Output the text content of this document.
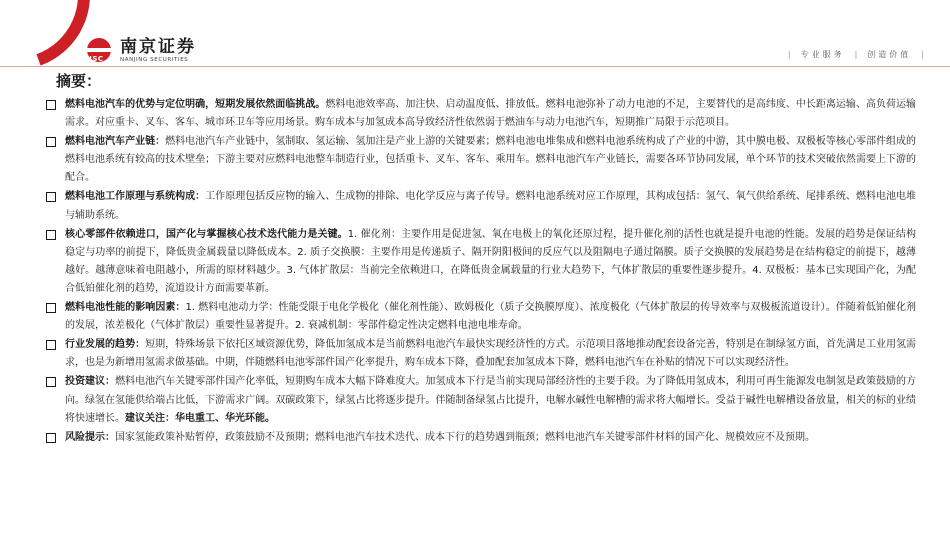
NSC
南京证券
NANJING SECURITIES
| 专业服务 | 创造价值 |
摘要：
燃料电池汽车的优势与定位明确，短期发展依然面临挑战。燃料电池效率高、加注快、启动温度低、排放低。燃料电池弥补了动力电池的不足，主要替代的是高纬度、中长距离运输、高负荷运输需求。对应重卡、叉车、客车、城市环卫车等应用场景。购车成本与加氢成本高导致经济性依然弱于燃油车与动力电池汽车，短期推广局限于示范项目。
燃料电池汽车产业链：燃料电池汽车产业链中，氢制取、氢运输、氢加注是产业上游的关键要素；燃料电池电堆集成和燃料电池系统构成了产业的中游，其中膜电极、双极板等核心零部件组成的燃料电池系统有较高的技术壁垒；下游主要对应燃料电池整车制造行业，包括重卡、叉车、客车、乘用车。燃料电池汽车产业链长，需要各环节协同发展，单个环节的技术突破依然需要上下游的配合。
燃料电池工作原理与系统构成：工作原理包括反应物的输入、生成物的排除、电化学反应与离子传导。燃料电池系统对应工作原理，其构成包括：氢气、氧气供给系统、尾排系统、燃料电池电堆与辅助系统。
核心零部件依赖进口，国产化与掌握核心技术迭代能力是关键。1. 催化剂：主要作用是促进氢、氧在电极上的氧化还原过程，提升催化剂的活性也就是提升电池的性能。发展的趋势是保证结构稳定与功率的前提下，降低贵金属载量以降低成本。2. 质子交换膜：主要作用是传递质子、隔开阴阳极间的反应气以及阻隔电子通过隔膜。质子交换膜的发展趋势是在结构稳定的前提下，越薄越好。越薄意味着电阻越小，所需的原材料越少。3. 气体扩散层：当前完全依赖进口，在降低贵金属载量的行业大趋势下，气体扩散层的重要性逐步提升。4. 双极板：基本已实现国产化，为配合低铂催化剂的趋势，流道设计方面需要革新。
燃料电池性能的影响因素：1. 燃料电池动力学：性能受限于电化学极化（催化剂性能）、欧姆极化（质子交换膜厚度）、浓度极化（气体扩散层的传导效率与双极板流道设计）。伴随着低铂催化剂的发展，浓差极化（气体扩散层）重要性显著提升。2. 衰减机制：零部件稳定性决定燃料电池电堆寿命。
行业发展的趋势：短期，特殊场景下依托区域资源优势，降低加氢成本是当前燃料电池汽车最快实现经济性的方式。示范项目落地推动配套设备完善，特别是在制绿氢方面，首先满足工业用氢需求，也是为新增用氢需求做基础。中期，伴随燃料电池零部件国产化率提升，购车成本下降，叠加配套加氢成本下降，燃料电池汽车在补贴的情况下可以实现经济性。
投资建议：燃料电池汽车关键零部件国产化率低，短期购车成本大幅下降难度大。加氢成本下行是当前实现局部经济性的主要手段。为了降低用氢成本，利用可再生能源发电制氢是政策鼓励的方向。绿氢在氢能供给端占比低，下游需求广阔。双碳政策下，绿氢占比将逐步提升。伴随制备绿氢占比提升，电解水碱性电解槽的需求将大幅增长。受益于碱性电解槽设备放量，相关的标的业绩将快速增长。建议关注：华电重工、华光环能。
风险提示：国家氢能政策补贴暂停，政策鼓励不及预期；燃料电池汽车技术迭代、成本下行的趋势遇到瓶颈；燃料电池汽车关键零部件材料的国产化、规模效应不及预期。
